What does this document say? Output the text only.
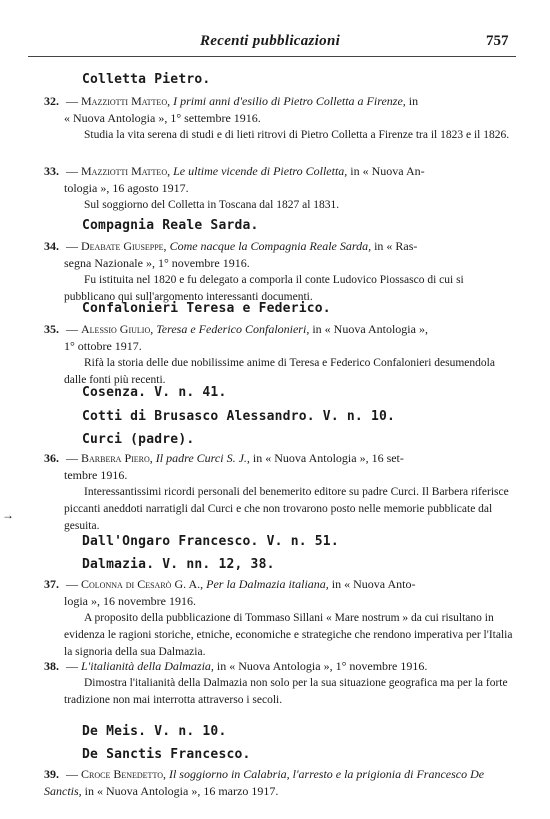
Recenti pubblicazioni	757
→
Colletta Pietro.

32. — Mazziotti Matteo, I primi anni d'esilio di Pietro Colletta a Firenze, in

« Nuova Antologia », 1° settembre 1916.

Studia la vita serena di studi e di lieti ritrovi di Pietro Colletta a Firenze tra il 1823 e il 1826.

33. — Mazziotti Matteo, Le ultime vicende di Pietro Colletta, in « Nuova An-

tologia », 16 agosto 1917.

Sul soggiorno del Colletta in Toscana dal 1827 al 1831.

Compagnia Reale Sarda.

34. — Deabate Giuseppe, Come nacque la Compagnia Reale Sarda, in « Ras-

segna Nazionale », 1° novembre 1916.

Fu istituita nel 1820 e fu delegato a comporla il conte Ludovico Piossasco di cui si pubblicano qui sull'argomento interessanti documenti.

Confalonieri Teresa e Federico.

35. — Alessio Giulio, Teresa e Federico Confalonieri, in « Nuova Antologia »,

1° ottobre 1917.

Rifà la storia delle due nobilissime anime di Teresa e Federico Confalonieri desumendola dalle fonti più recenti.

Cosenza. V. n. 41.
Cotti di Brusasco Alessandro. V. n. 10.
Curci (padre).

36. — Barbera Piero, Il padre Curci S. J., in « Nuova Antologia », 16 set-

tembre 1916.

Interessantissimi ricordi personali del benemerito editore su padre Curci. Il Barbera riferisce piccanti aneddoti narratigli dal Curci e che non trovarono posto nelle memorie pubblicate dal gesuita.

Dall'Ongaro Francesco. V. n. 51.
Dalmazia. V. nn. 12, 38.

37. — Colonna di Cesarò G. A., Per la Dalmazia italiana, in « Nuova Anto-

logia », 16 novembre 1916.

A proposito della pubblicazione di Tommaso Sillani « Mare nostrum » da cui risultano in evidenza le ragioni storiche, etniche, economiche e strategiche che rendono imperativa per l'Italia la signoria della sua Dalmazia.

38. — L'italianità della Dalmazia, in « Nuova Antologia », 1° novembre 1916.

Dimostra l'italianità della Dalmazia non solo per la sua situazione geografica ma per la forte tradizione non mai interrotta attraverso i secoli.

De Meis. V. n. 10.
De Sanctis Francesco.

39. — Croce Benedetto, Il soggiorno in Calabria, l'arresto e la prigionia di Francesco De Sanctis, in « Nuova Antologia », 16 marzo 1917.
